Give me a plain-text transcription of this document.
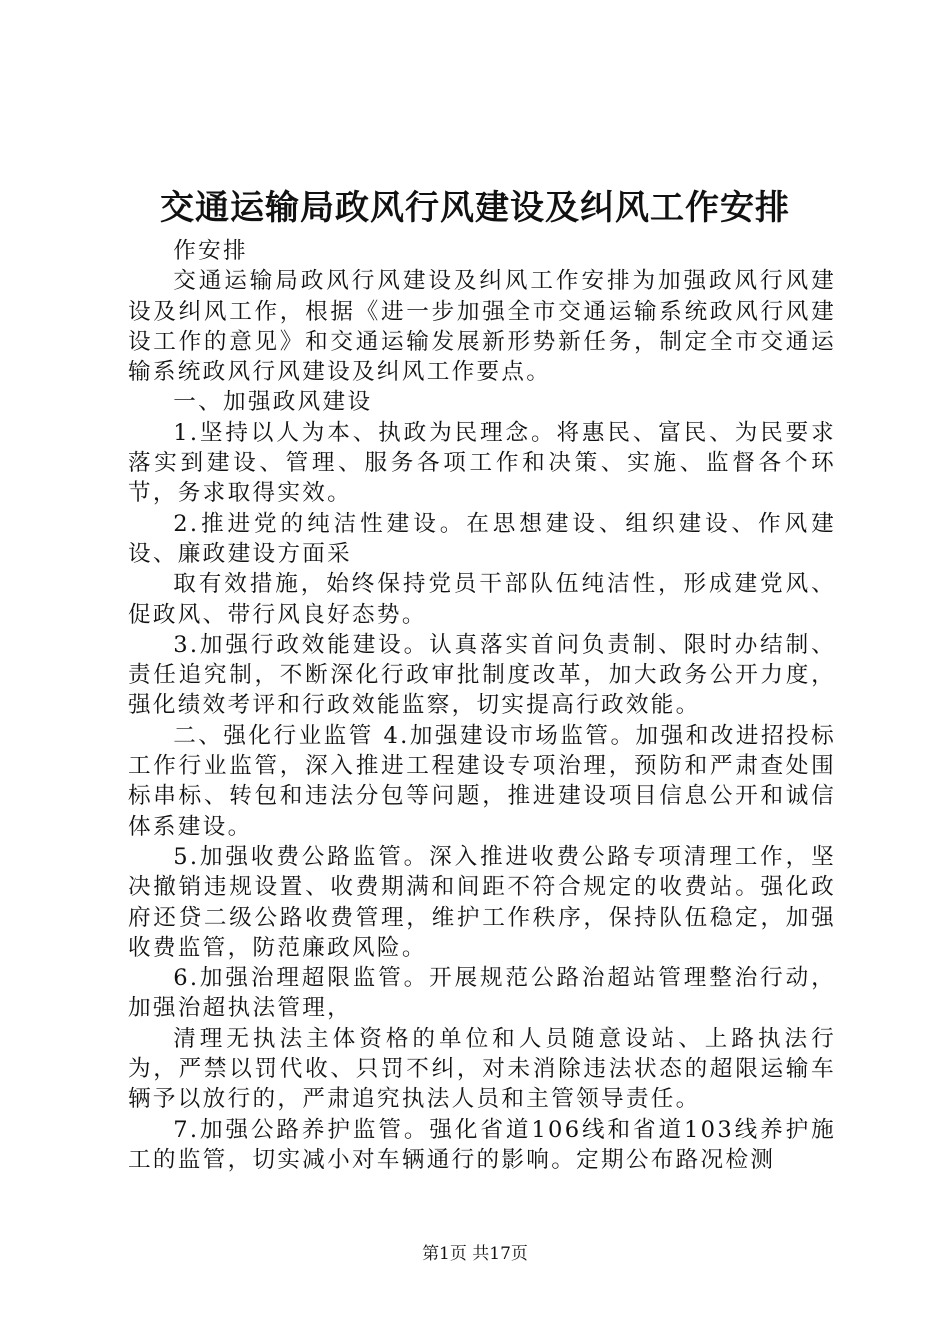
交通运输局政风行风建设及纠风工作安排

作安排

交通运输局政风行风建设及纠风工作安排为加强政风行风建设及纠风工作，根据《进一步加强全市交通运输系统政风行风建设工作的意见》和交通运输发展新形势新任务，制定全市交通运输系统政风行风建设及纠风工作要点。

一、加强政风建设

1.坚持以人为本、执政为民理念。将惠民、富民、为民要求落实到建设、管理、服务各项工作和决策、实施、监督各个环节，务求取得实效。

2.推进党的纯洁性建设。在思想建设、组织建设、作风建设、廉政建设方面采

取有效措施，始终保持党员干部队伍纯洁性，形成建党风、促政风、带行风良好态势。

3.加强行政效能建设。认真落实首问负责制、限时办结制、责任追究制，不断深化行政审批制度改革，加大政务公开力度，强化绩效考评和行政效能监察，切实提高行政效能。

二、强化行业监管 4.加强建设市场监管。加强和改进招投标工作行业监管，深入推进工程建设专项治理，预防和严肃查处围标串标、转包和违法分包等问题，推进建设项目信息公开和诚信体系建设。

5.加强收费公路监管。深入推进收费公路专项清理工作，坚决撤销违规设置、收费期满和间距不符合规定的收费站。强化政府还贷二级公路收费管理，维护工作秩序，保持队伍稳定，加强收费监管，防范廉政风险。

6.加强治理超限监管。开展规范公路治超站管理整治行动，加强治超执法管理，

清理无执法主体资格的单位和人员随意设站、上路执法行为，严禁以罚代收、只罚不纠，对未消除违法状态的超限运输车辆予以放行的，严肃追究执法人员和主管领导责任。

7.加强公路养护监管。强化省道106线和省道103线养护施工的监管，切实减小对车辆通行的影响。定期公布路况检测

第1页 共17页
